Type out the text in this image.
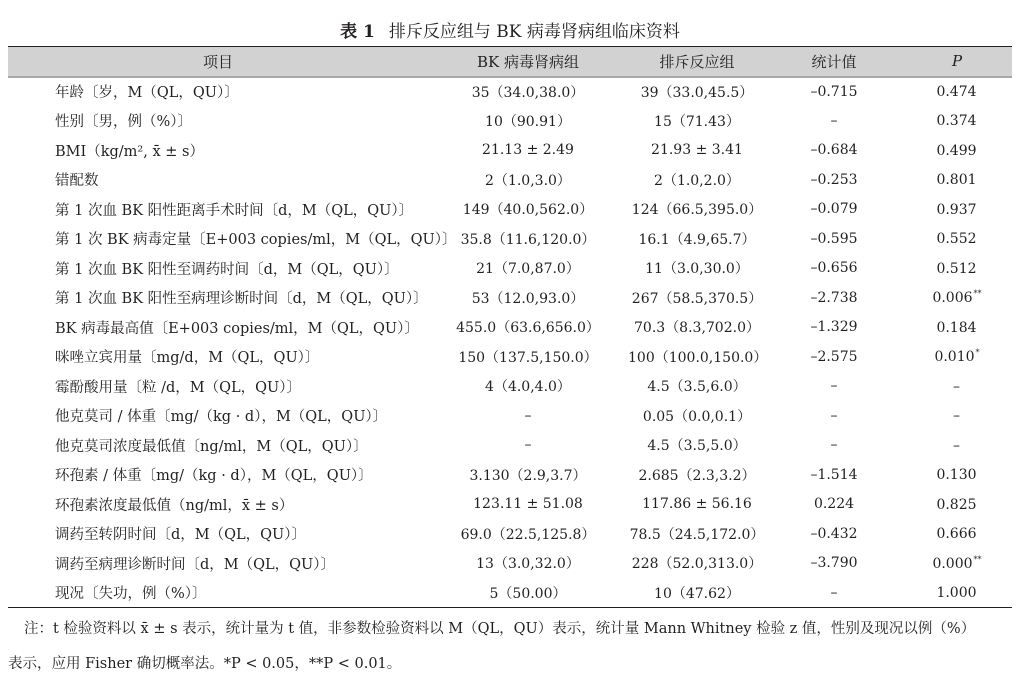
表 1 排斥反应组与 BK 病毒肾病组临床资料
项目	BK 病毒肾病组	排斥反应组	统计值	P
年龄〔岁，M（QL，QU）〕	35（34.0,38.0）	39（33.0,45.5）	–0.715	0.474
性别〔男，例（%）〕	10（90.91）	15（71.43）	–	0.374
BMI（kg/m², x̄ ± s）	21.13 ± 2.49	21.93 ± 3.41	–0.684	0.499
错配数	2（1.0,3.0）	2（1.0,2.0）	–0.253	0.801
第 1 次血 BK 阳性距离手术时间〔d，M（QL，QU）〕	149（40.0,562.0）	124（66.5,395.0）	–0.079	0.937
第 1 次 BK 病毒定量〔E+003 copies/ml，M（QL，QU）〕	35.8（11.6,120.0）	16.1（4.9,65.7）	–0.595	0.552
第 1 次血 BK 阳性至调药时间〔d，M（QL，QU）〕	21（7.0,87.0）	11（3.0,30.0）	–0.656	0.512
第 1 次血 BK 阳性至病理诊断时间〔d，M（QL，QU）〕	53（12.0,93.0）	267（58.5,370.5）	–2.738	0.006**
BK 病毒最高值〔E+003 copies/ml，M（QL，QU）〕	455.0（63.6,656.0）	70.3（8.3,702.0）	–1.329	0.184
咪唑立宾用量〔mg/d，M（QL，QU）〕	150（137.5,150.0）	100（100.0,150.0）	–2.575	0.010*
霉酚酸用量〔粒 /d，M（QL，QU）〕	4（4.0,4.0）	4.5（3.5,6.0）	–	–
他克莫司 / 体重〔mg/（kg · d），M（QL，QU）〕	–	0.05（0.0,0.1）	–	–
他克莫司浓度最低值〔ng/ml，M（QL，QU）〕	–	4.5（3.5,5.0）	–	–
环孢素 / 体重〔mg/（kg · d），M（QL，QU）〕	3.130（2.9,3.7）	2.685（2.3,3.2）	–1.514	0.130
环孢素浓度最低值（ng/ml，x̄ ± s）	123.11 ± 51.08	117.86 ± 56.16	0.224	0.825
调药至转阴时间〔d，M（QL，QU）〕	69.0（22.5,125.8）	78.5（24.5,172.0）	–0.432	0.666
调药至病理诊断时间〔d，M（QL，QU）〕	13（3.0,32.0）	228（52.0,313.0）	–3.790	0.000**
现况〔失功，例（%）〕	5（50.00）	10（47.62）	–	1.000
注：t 检验资料以 x̄ ± s 表示，统计量为 t 值，非参数检验资料以 M（QL，QU）表示，统计量 Mann Whitney 检验 z 值，性别及现况以例（%）
表示，应用 Fisher 确切概率法。*P < 0.05，**P < 0.01。
